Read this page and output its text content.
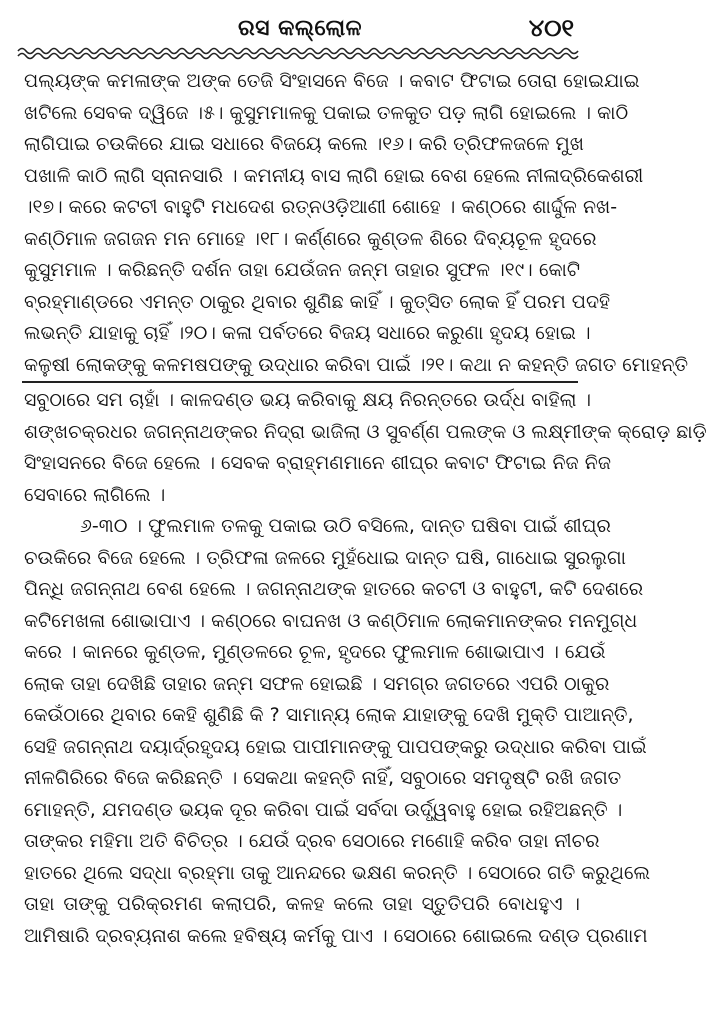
ରସ କଲ୍ଲୋଳ	୪୦୧
ପଲ୍ୟଙ୍କ କମଳାଙ୍କ ଅଙ୍କ ତେଜି ସିଂହାସନେ ବିଜେ । କବାଟ ଫିଟାଇ ତୋରା ହୋଇଯାଇ
ଖଟିଲେ ସେବକ ଦ୍ୱିଜେ ।୫। କୁସୁମମାଳକୁ ପକାଇ ତଳକୁତ ପଡ଼ ଲାଗି ହୋଇଲେ । କାଠି
ଲାଗିପାଇ ଚଉକିରେ ଯାଇ ସଧାରେ ବିଜୟେ କଲେ ।୧୬। କରି ତ୍ରିଫଳଜଳେ ମୁଖ
ପଖାଳି କାଠି ଲାଗି ସ୍ନାନସାରି । କମନୀୟ ବାସ ଲାଗି ହୋଇ ବେଶ ହେଲେ ନୀଳାଦ୍ରିକେଶରୀ
।୧୭। କରେ କଟଚୀ ବାହୁଟି ମଧଦେଶ ରତ୍ନଓଡ଼ିଆଣୀ ଶୋହେ । କଣ୍ଠରେ ଶାର୍ଦ୍ଦୁଳ ନଖ-
କଣ୍ଠିମାଳ ଜଗଜନ ମନ ମୋହେ ।୧୮। କର୍ଣ୍ଣରେ କୁଣ୍ଡଳ ଶିରେ ଦିବ୍ୟଚୂଳ ହୃଦରେ
କୁସୁମମାଳ । କରିଛନ୍ତି ଦର୍ଶନ ତାହା ଯେଉଁଜନ ଜନ୍ମ ତାହାର ସୁଫଳ ।୧୯। କୋଟି
ବ୍ରହ୍ମାଣ୍ଡରେ ଏମନ୍ତ ଠାକୁର ଥିବାର ଶୁଣିଛ କାହିଁ । କୁତ୍ସିତ ଲୋକ ହିଁ ପରମ ପଦହି
ଲଭନ୍ତି ଯାହାକୁ ଚାହିଁ ।୨୦। କଳା ପର୍ବତରେ ବିଜୟ ସଧାରେ କରୁଣା ହୃଦୟ ହୋଇ ।
କଳୁଷୀ ଲୋକଙ୍କୁ କଳମଷପଙ୍କୁ ଉଦ୍ଧାର କରିବା ପାଇଁ ।୨୧। କଥା ନ କହନ୍ତି ଜଗତ ମୋହନ୍ତି
ସବୁଠାରେ ସମ ଚାହାଁ । କାଳଦଣ୍ଡ ଭୟ କରିବାକୁ କ୍ଷୟ ନିରନ୍ତରେ ଉର୍ଦ୍ଧ ବାହିଲା ।
ଶଙ୍ଖଚକ୍ରଧର ଜଗନ୍ନାଥଙ୍କର ନିଦ୍ରା ଭାଜିଲା ଓ ସୁବର୍ଣ୍ଣ ପଲଙ୍କ ଓ ଲକ୍ଷ୍ମୀଙ୍କ କ୍ରୋଡ଼ ଛାଡ଼ି
ସିଂହାସନରେ ବିଜେ ହେଲେ । ସେବକ ବ୍ରାହ୍ମଣମାନେ ଶୀଘ୍ର କବାଟ ଫିଟାଇ ନିଜ ନିଜ
ସେବାରେ ଲାଗିଲେ ।
୬-୩୦ । ଫୁଲମାଳ ତଳକୁ ପକାଇ ଉଠି ବସିଲେ, ଦାନ୍ତ ଘଷିବା ପାଇଁ ଶୀଘ୍ର
ଚଉକିରେ ବିଜେ ହେଲେ । ତ୍ରିଫଳା ଜଳରେ ମୁହଁଧୋଇ ଦାନ୍ତ ଘଷି, ଗାଧୋଇ ସୁରଲୁଗା
ପିନ୍ଧି ଜଗନ୍ନାଥ ବେଶ ହେଲେ । ଜଗନ୍ନାଥଙ୍କ ହାତରେ କଚଟୀ ଓ ବାହୁଟୀ, କଟି ଦେଶରେ
କଟିମେଖଳା ଶୋଭାପାଏ । କଣ୍ଠରେ ବାଘନଖ ଓ କଣ୍ଠିମାଳ ଲୋକମାନଙ୍କର ମନମୁଗ୍ଧ
କରେ । କାନରେ କୁଣ୍ଡଳ, ମୁଣ୍ଡଳରେ ଚୂଳ, ହୃଦରେ ଫୁଲମାଳ ଶୋଭାପାଏ । ଯେଉଁ
ଲୋକ ତାହା ଦେଖିଛି ତାହାର ଜନ୍ମ ସଫଳ ହୋଇଛି । ସମଗ୍ର ଜଗତରେ ଏପରି ଠାକୁର
କେଉଁଠାରେ ଥିବାର କେହି ଶୁଣିଛି କି ? ସାମାନ୍ୟ ଲୋକ ଯାହାଙ୍କୁ ଦେଖି ମୁକ୍ତି ପାଆନ୍ତି,
ସେହି ଜଗନ୍ନାଥ ଦୟାର୍ଦ୍ରହୃଦୟ ହୋଇ ପାପୀମାନଙ୍କୁ ପାପପଙ୍କରୁ ଉଦ୍ଧାର କରିବା ପାଇଁ
ନୀଳଗିରିରେ ବିଜେ କରିଛନ୍ତି । ସେକଥା କହନ୍ତି ନାହିଁ, ସବୁଠାରେ ସମଦୃଷ୍ଟି ରଖି ଜଗତ
ମୋହନ୍ତି, ଯମଦଣ୍ଡ ଭୟକ ଦୂର କରିବା ପାଇଁ ସର୍ବଦା ଉର୍ଦ୍ଧ୍ୱବାହୁ ହୋଇ ରହିଅଛନ୍ତି ।
ତାଙ୍କର ମହିମା ଅତି ବିଚିତ୍ର । ଯେଉଁ ଦ୍ରବ ସେଠାରେ ମଣୋହି କରିବ ତାହା ନୀଚର
ହାତରେ ଥିଲେ ସଦ୍ଧା ବ୍ରହ୍ମା ତାକୁ ଆନନ୍ଦରେ ଭକ୍ଷଣ କରନ୍ତି । ସେଠାରେ ଗତି କରୁଥିଲେ
ତାହା ତାଙ୍କୁ ପରିକ୍ରମଣ କଲାପରି, କଳହ କଲେ ତାହା ସ୍ତୁତିପରି ବୋଧହୁଏ ।
ଆମିଷାରି ଦ୍ରବ୍ୟନାଶ କଲେ ହବିଷ୍ୟ କର୍ମକୁ ପାଏ । ସେଠାରେ ଶୋଇଲେ ଦଣ୍ଡ ପ୍ରଣାମ
